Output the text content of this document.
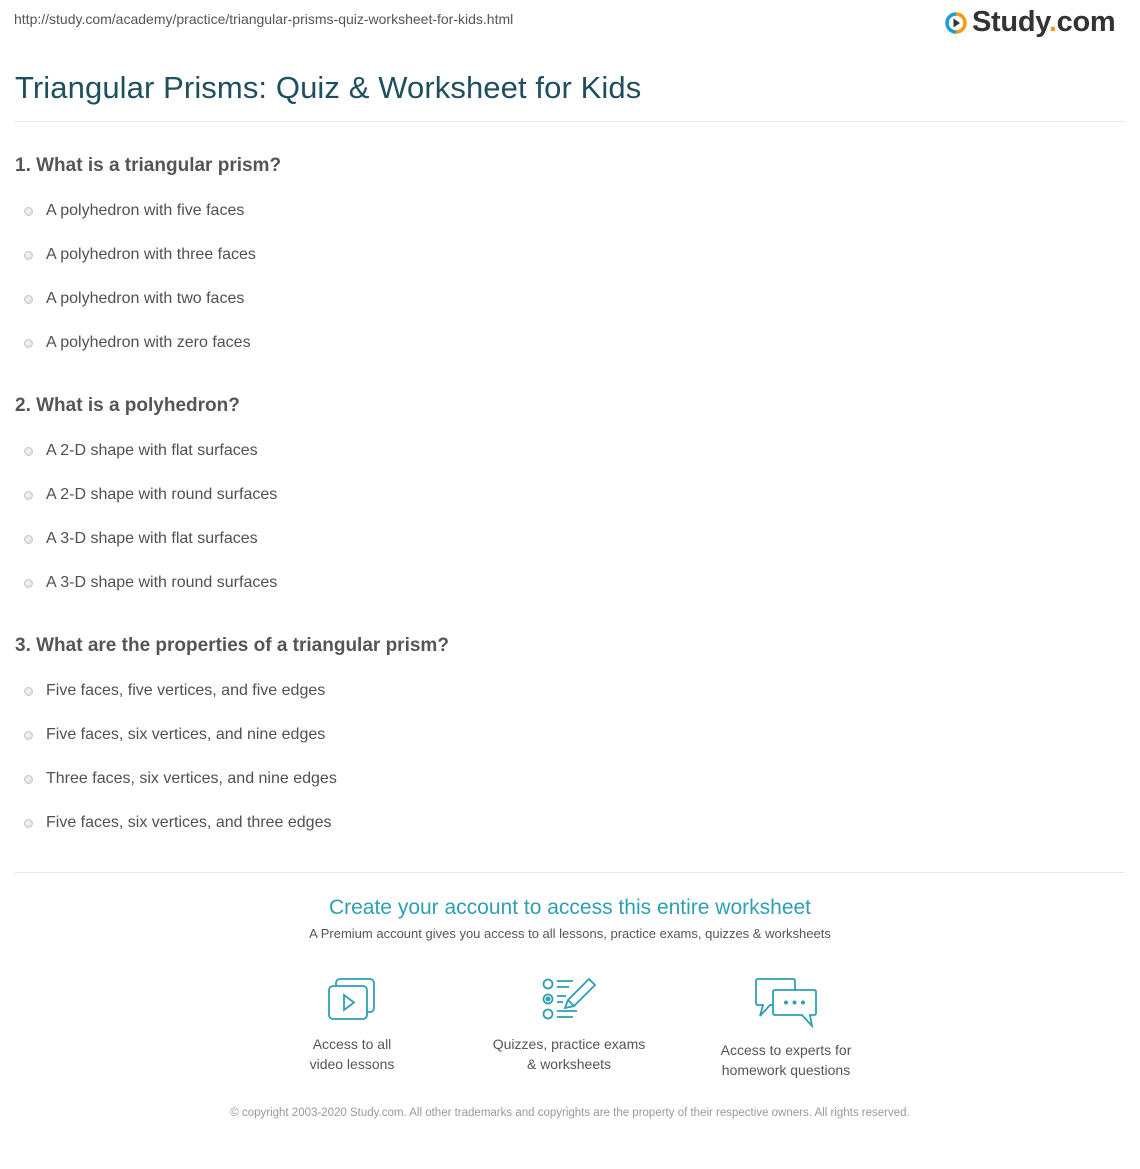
http://study.com/academy/practice/triangular-prisms-quiz-worksheet-for-kids.html	Study.com
Triangular Prisms: Quiz & Worksheet for Kids
1. What is a triangular prism?
A polyhedron with five faces
A polyhedron with three faces
A polyhedron with two faces
A polyhedron with zero faces
2. What is a polyhedron?
A 2-D shape with flat surfaces
A 2-D shape with round surfaces
A 3-D shape with flat surfaces
A 3-D shape with round surfaces
3. What are the properties of a triangular prism?
Five faces, five vertices, and five edges
Five faces, six vertices, and nine edges
Three faces, six vertices, and nine edges
Five faces, six vertices, and three edges
Create your account to access this entire worksheet
A Premium account gives you access to all lessons, practice exams, quizzes & worksheets
Access to all
video lessons
Quizzes, practice exams
& worksheets
Access to experts for
homework questions
© copyright 2003-2020 Study.com. All other trademarks and copyrights are the property of their respective owners. All rights reserved.
